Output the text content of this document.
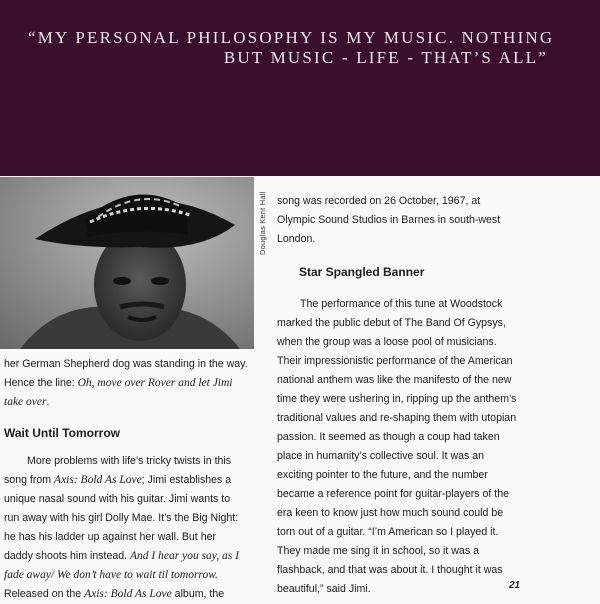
“MY PERSONAL PHILOSOPHY IS MY MUSIC. NOTHING
BUT MUSIC - LIFE - THAT’S ALL”
Douglas Kent Hall

her German Shepherd dog was standing in the way.

Hence the line: Oh, move over Rover and let Jimi

take over.

Wait Until Tomorrow

More problems with life’s tricky twists in this

song from Axis: Bold As Love; Jimi establishes a

unique nasal sound with his guitar. Jimi wants to

run away with his girl Dolly Mae. It’s the Big Night:

he has his ladder up against her wall. But her

daddy shoots him instead. And I hear you say, as I

fade away/ We don’t have to wait til tomorrow.

Released on the Axis: Bold As Love album, the

song was recorded on 26 October, 1967, at

Olympic Sound Studios in Barnes in south-west

London.

Star Spangled Banner

The performance of this tune at Woodstock

marked the public debut of The Band Of Gypsys,

when the group was a loose pool of musicians.

Their impressionistic performance of the American

national anthem was like the manifesto of the new

time they were ushering in, ripping up the anthem’s

traditional values and re-shaping them with utopian

passion. It seemed as though a coup had taken

place in humanity’s collective soul. It was an

exciting pointer to the future, and the number

became a reference point for guitar-players of the

era keen to know just how much sound could be

torn out of a guitar. “I’m American so I played it.

They made me sing it in school, so it was a

flashback, and that was about it. I thought it was

beautiful,” said Jimi.	21
